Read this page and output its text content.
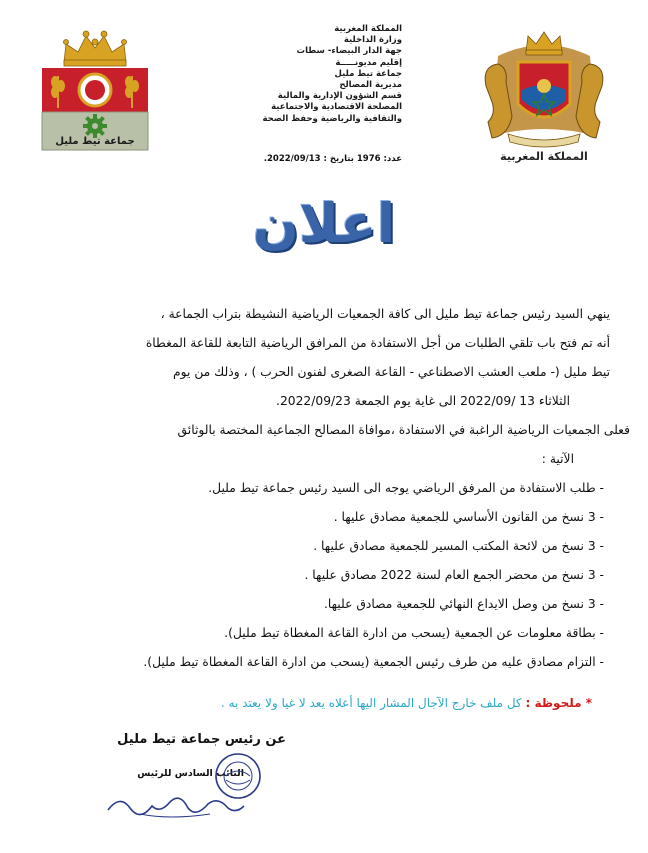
جماعة تيط مليل
المملكة المغربية
وزارة الداخلية
جهة الدار البيضاء- سطات
إقليم مديونـــــة
جماعة تيط مليل
مديرية المصالح
قسم الشؤون الإدارية والمالية
المصلحة الاقتصادية والاجتماعية
والثقافية والرياضية وحفظ الصحة
عدد: 1976 بتاريخ : 2022/09/13.	المملكة المغربية
اعلان
ينهي السيد رئيس جماعة تيط مليل الى كافة الجمعيات الرياضية النشيطة بتراب الجماعة ،
أنه تم فتح باب تلقي الطلبات من أجل الاستفادة من المرافق الرياضية التابعة للقاعة المغطاة
تيط مليل (- ملعب العشب الاصطناعي - القاعة الصغرى لفنون الحرب ) ، وذلك من يوم
الثلاثاء 13 /2022/09 الى غاية يوم الجمعة 2022/09/23.
فعلى الجمعيات الرياضية الراغبة في الاستفادة ،موافاة المصالح الجماعية المختصة بالوثائق
الآتية :
- طلب الاستفادة من المرفق الرياضي يوجه الى السيد رئيس جماعة تيط مليل.
- 3 نسخ من القانون الأساسي للجمعية مصادق عليها .
- 3 نسخ من لائحة المكتب المسير للجمعية مصادق عليها .
- 3 نسخ من محضر الجمع العام لسنة 2022 مصادق عليها .
- 3 نسخ من وصل الايداع النهائي للجمعية مصادق عليها.
- بطاقة معلومات عن الجمعية (يسحب من ادارة القاعة المغطاة تيط مليل).
- التزام مصادق عليه من طرف رئيس الجمعية (يسحب من ادارة القاعة المغطاة تيط مليل).
* ملحوظة : كل ملف خارج الآجال المشار اليها أعلاه يعد لا غيا ولا يعتد به .
عن رئيس جماعة تيط مليل
النائب السادس للرئيس
